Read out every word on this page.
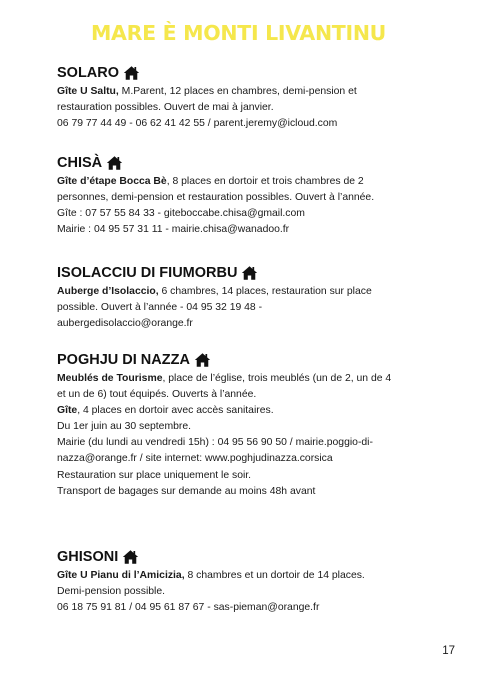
MARE È MONTI LIVANTINU
SOLARO

Gîte U Saltu, M.Parent, 12 places en chambres, demi-pension et

restauration possibles. Ouvert de mai à janvier.

06 79 77 44 49 - 06 62 41 42 55 / parent.jeremy@icloud.com

CHISÀ

Gîte d’étape Bocca Bè, 8 places en dortoir et trois chambres de 2

personnes, demi-pension et restauration possibles. Ouvert à l’année.

Gîte : 07 57 55 84 33 - giteboccabe.chisa@gmail.com

Mairie : 04 95 57 31 11 - mairie.chisa@wanadoo.fr

ISOLACCIU DI FIUMORBU

Auberge d’Isolaccio, 6 chambres, 14 places, restauration sur place

possible. Ouvert à l’année - 04 95 32 19 48 -

aubergedisolaccio@orange.fr

POGHJU DI NAZZA

Meublés de Tourisme, place de l’église, trois meublés (un de 2, un de 4

et un de 6) tout équipés. Ouverts à l’année.

Gîte, 4 places en dortoir avec accès sanitaires.

Du 1er juin au 30 septembre.

Mairie (du lundi au vendredi 15h) : 04 95 56 90 50 / mairie.poggio-di-

nazza@orange.fr / site internet: www.poghjudinazza.corsica

Restauration sur place uniquement le soir.

Transport de bagages sur demande au moins 48h avant

GHISONI

Gîte U Pianu di l’Amicizia, 8 chambres et un dortoir de 14 places.

Demi-pension possible.

06 18 75 91 81 / 04 95 61 87 67 - sas-pieman@orange.fr

17
